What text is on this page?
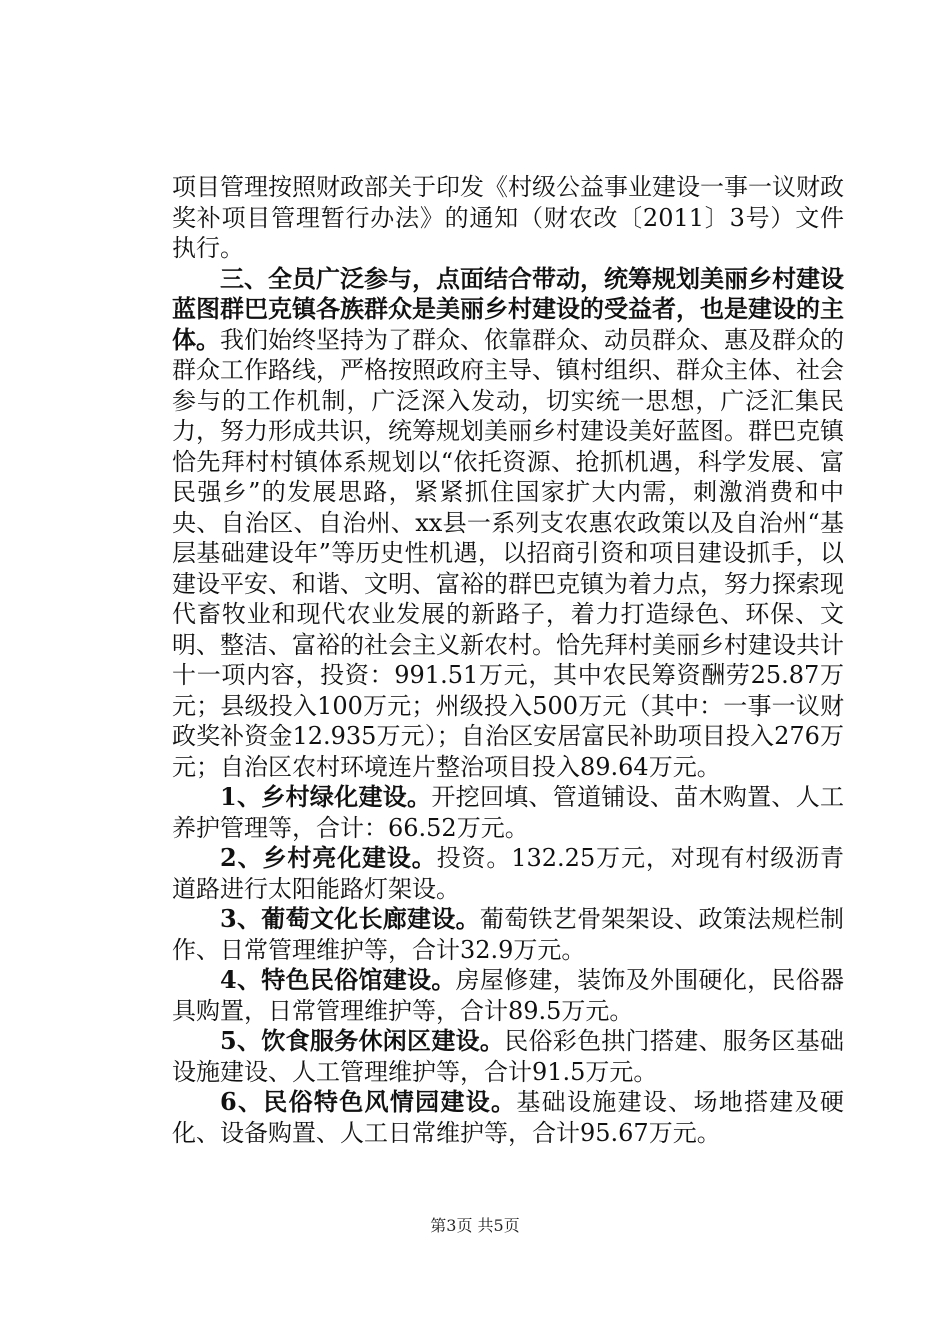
项目管理按照财政部关于印发《村级公益事业建设一事一议财政奖补项目管理暂行办法》的通知（财农改〔2011〕3号）文件执行。

三、全员广泛参与，点面结合带动，统筹规划美丽乡村建设蓝图群巴克镇各族群众是美丽乡村建设的受益者，也是建设的主体。我们始终坚持为了群众、依靠群众、动员群众、惠及群众的群众工作路线，严格按照政府主导、镇村组织、群众主体、社会参与的工作机制，广泛深入发动，切实统一思想，广泛汇集民力，努力形成共识，统筹规划美丽乡村建设美好蓝图。群巴克镇恰先拜村村镇体系规划以“依托资源、抢抓机遇，科学发展、富民强乡”的发展思路，紧紧抓住国家扩大内需，刺激消费和中央、自治区、自治州、xx县一系列支农惠农政策以及自治州“基层基础建设年”等历史性机遇，以招商引资和项目建设抓手，以建设平安、和谐、文明、富裕的群巴克镇为着力点，努力探索现代畜牧业和现代农业发展的新路子，着力打造绿色、环保、文明、整洁、富裕的社会主义新农村。恰先拜村美丽乡村建设共计十一项内容，投资：991.51万元，其中农民筹资酬劳25.87万元；县级投入100万元；州级投入500万元（其中：一事一议财政奖补资金12.935万元）；自治区安居富民补助项目投入276万元；自治区农村环境连片整治项目投入89.64万元。

1、乡村绿化建设。开挖回填、管道铺设、苗木购置、人工养护管理等，合计：66.52万元。

2、乡村亮化建设。投资。132.25万元，对现有村级沥青道路进行太阳能路灯架设。

3、葡萄文化长廊建设。葡萄铁艺骨架架设、政策法规栏制作、日常管理维护等，合计32.9万元。

4、特色民俗馆建设。房屋修建，装饰及外围硬化，民俗器具购置，日常管理维护等，合计89.5万元。

5、饮食服务休闲区建设。民俗彩色拱门搭建、服务区基础设施建设、人工管理维护等，合计91.5万元。

6、民俗特色风情园建设。基础设施建设、场地搭建及硬化、设备购置、人工日常维护等，合计95.67万元。

第3页 共5页
